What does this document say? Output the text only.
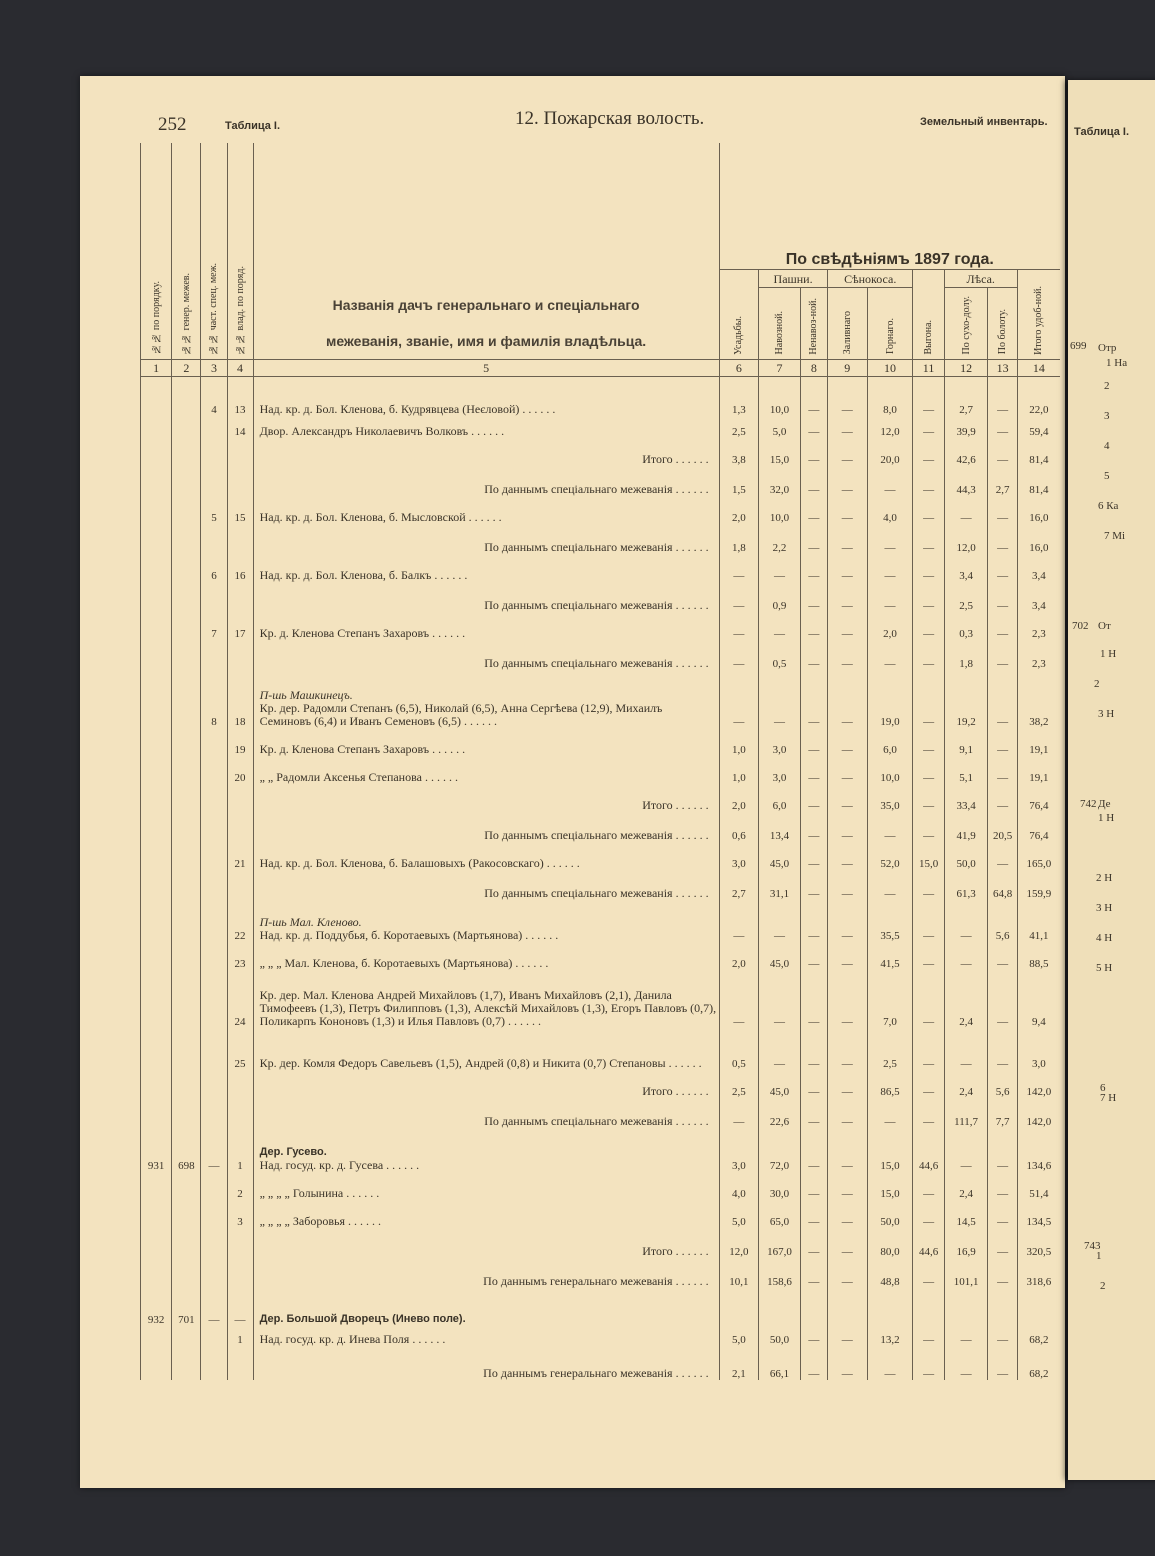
252	Таблица I.	12. Пожарская волость.	Земельный инвентарь.
№№ по порядку.	№№ генер. межев.	№№ част. спец. меж.	№№ влад. по поряд.	Названія дачъ генеральнаго и спеціальнаго
межеванія, званіе, имя и фамилія владѣльца.	По свѣдѣніямъ 1897 года.								
					Усадьбы.	Пашни.		Сѣнокоса.		Выгона.	Лѣса.		Итого удоб-ной.
						Навозной.	Ненавоз-ной.	Заливнаго	Горнаго.		По сухо-долу.	По болоту.	
1	2	3	4	5	6	7	8	9	10	11	12	13	14
		4	13	Над. кр. д. Бол. Кленова, б. Кудрявцева (Неєловой) . . . . . .	1,3	10,0	—	—	8,0	—	2,7	—	22,0
			14	Двор. Александръ Николаевичъ Волковъ . . . . . .	2,5	5,0	—	—	12,0	—	39,9	—	59,4
				Итого . . . . . .	3,8	15,0	—	—	20,0	—	42,6	—	81,4
				По даннымъ спеціальнаго межеванія . . . . . .	1,5	32,0	—	—	—	—	44,3	2,7	81,4
		5	15	Над. кр. д. Бол. Кленова, б. Мысловской . . . . . .	2,0	10,0	—	—	4,0	—	—	—	16,0
				По даннымъ спеціальнаго межеванія . . . . . .	1,8	2,2	—	—	—	—	12,0	—	16,0
		6	16	Над. кр. д. Бол. Кленова, б. Балкъ . . . . . .	—	—	—	—	—	—	3,4	—	3,4
				По даннымъ спеціальнаго межеванія . . . . . .	—	0,9	—	—	—	—	2,5	—	3,4
		7	17	Кр. д. Кленова Степанъ Захаровъ . . . . . .	—	—	—	—	2,0	—	0,3	—	2,3
				По даннымъ спеціальнаго межеванія . . . . . .	—	0,5	—	—	—	—	1,8	—	2,3
		8	18	П-шь Машкинецъ.
Кр. дер. Радомли Степанъ (6,5), Николай (6,5), Анна Сергѣева (12,9), Михаилъ Семиновъ (6,4) и Иванъ Семеновъ (6,5) . . . . . .	—	—	—	—	19,0	—	19,2	—	38,2
			19	Кр. д. Кленова Степанъ Захаровъ . . . . . .	1,0	3,0	—	—	6,0	—	9,1	—	19,1
			20	„ „ Радомли Аксенья Степанова . . . . . .	1,0	3,0	—	—	10,0	—	5,1	—	19,1
				Итого . . . . . .	2,0	6,0	—	—	35,0	—	33,4	—	76,4
				По даннымъ спеціальнаго межеванія . . . . . .	0,6	13,4	—	—	—	—	41,9	20,5	76,4
			21	Над. кр. д. Бол. Кленова, б. Балашовыхъ (Ракосовскаго) . . . . . .	3,0	45,0	—	—	52,0	15,0	50,0	—	165,0
				По даннымъ спеціальнаго межеванія . . . . . .	2,7	31,1	—	—	—	—	61,3	64,8	159,9
			22	П-шь Мал. Кленово.
Над. кр. д. Поддубья, б. Коротаевыхъ (Мартьянова) . . . . . .	—	—	—	—	35,5	—	—	5,6	41,1
			23	„ „ „ Мал. Кленова, б. Коротаевыхъ (Мартьянова) . . . . . .	2,0	45,0	—	—	41,5	—	—	—	88,5
			24	Кр. дер. Мал. Кленова Андрей Михайловъ (1,7), Иванъ Михайловъ (2,1), Данила Тимофеевъ (1,3), Петръ Филипповъ (1,3), Алексѣй Михайловъ (1,3), Егоръ Павловъ (0,7), Поликарпъ Кононовъ (1,3) и Илья Павловъ (0,7) . . . . . .	—	—	—	—	7,0	—	2,4	—	9,4
			25	Кр. дер. Комля Федоръ Савельевъ (1,5), Андрей (0,8) и Никита (0,7) Степановы . . . . . .	0,5	—	—	—	2,5	—	—	—	3,0
				Итого . . . . . .	2,5	45,0	—	—	86,5	—	2,4	5,6	142,0
				По даннымъ спеціальнаго межеванія . . . . . .	—	22,6	—	—	—	—	111,7	7,7	142,0
931	698	—	1	Дер. Гусево.
Над. госуд. кр. д. Гусева . . . . . .	3,0	72,0	—	—	15,0	44,6	—	—	134,6
			2	„ „ „ „ Голынина . . . . . .	4,0	30,0	—	—	15,0	—	2,4	—	51,4
			3	„ „ „ „ Заборовья . . . . . .	5,0	65,0	—	—	50,0	—	14,5	—	134,5
				Итого . . . . . .	12,0	167,0	—	—	80,0	44,6	16,9	—	320,5
				По даннымъ генеральнаго межеванія . . . . . .	10,1	158,6	—	—	48,8	—	101,1	—	318,6
932	701	—	—	Дер. Большой Дворецъ (Инево поле).									

			1	Над. госуд. кр. д. Инева Поля . . . . . .	5,0	50,0	—	—	13,2	—	—	—	68,2
				По даннымъ генеральнаго межеванія . . . . . .	2,1	66,1	—	—	—	—	—	—	68,2
Таблица I.
699 Отр
1 На
2
3
4
5
6 Ка
7 Мі
702 От
1 Н
2
3 Н
742 Де
1 Н
2 Н
3 Н
4 Н
5 Н
6
7 Н
743
1
2
